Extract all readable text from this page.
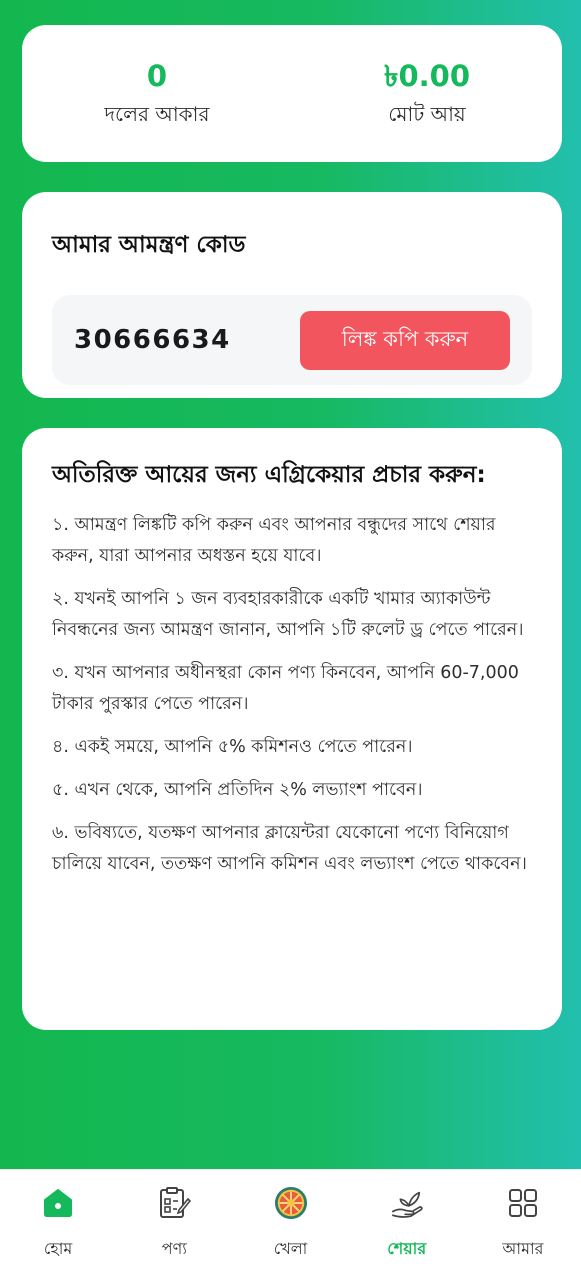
0
দলের আকার
৳0.00
মোট আয়
আমার আমন্ত্রণ কোড
30666634	লিঙ্ক কপি করুন
অতিরিক্ত আয়ের জন্য এগ্রিকেয়ার প্রচার করুন:
১. আমন্ত্রণ লিঙ্কটি কপি করুন এবং আপনার বন্ধুদের সাথে শেয়ার করুন, যারা আপনার অধস্তন হয়ে যাবে।
২. যখনই আপনি ১ জন ব্যবহারকারীকে একটি খামার অ্যাকাউন্ট নিবন্ধনের জন্য আমন্ত্রণ জানান, আপনি ১টি রুলেট ড্র পেতে পারেন।
৩. যখন আপনার অধীনস্থরা কোন পণ্য কিনবেন, আপনি 60-7,000 টাকার পুরস্কার পেতে পারেন।
৪. একই সময়ে, আপনি ৫% কমিশনও পেতে পারেন।
৫. এখন থেকে, আপনি প্রতিদিন ২% লভ্যাংশ পাবেন।
৬. ভবিষ্যতে, যতক্ষণ আপনার ক্লায়েন্টরা যেকোনো পণ্যে বিনিয়োগ চালিয়ে যাবেন, ততক্ষণ আপনি কমিশন এবং লভ্যাংশ পেতে থাকবেন।
হোম	পণ্য	খেলা	শেয়ার	আমার
